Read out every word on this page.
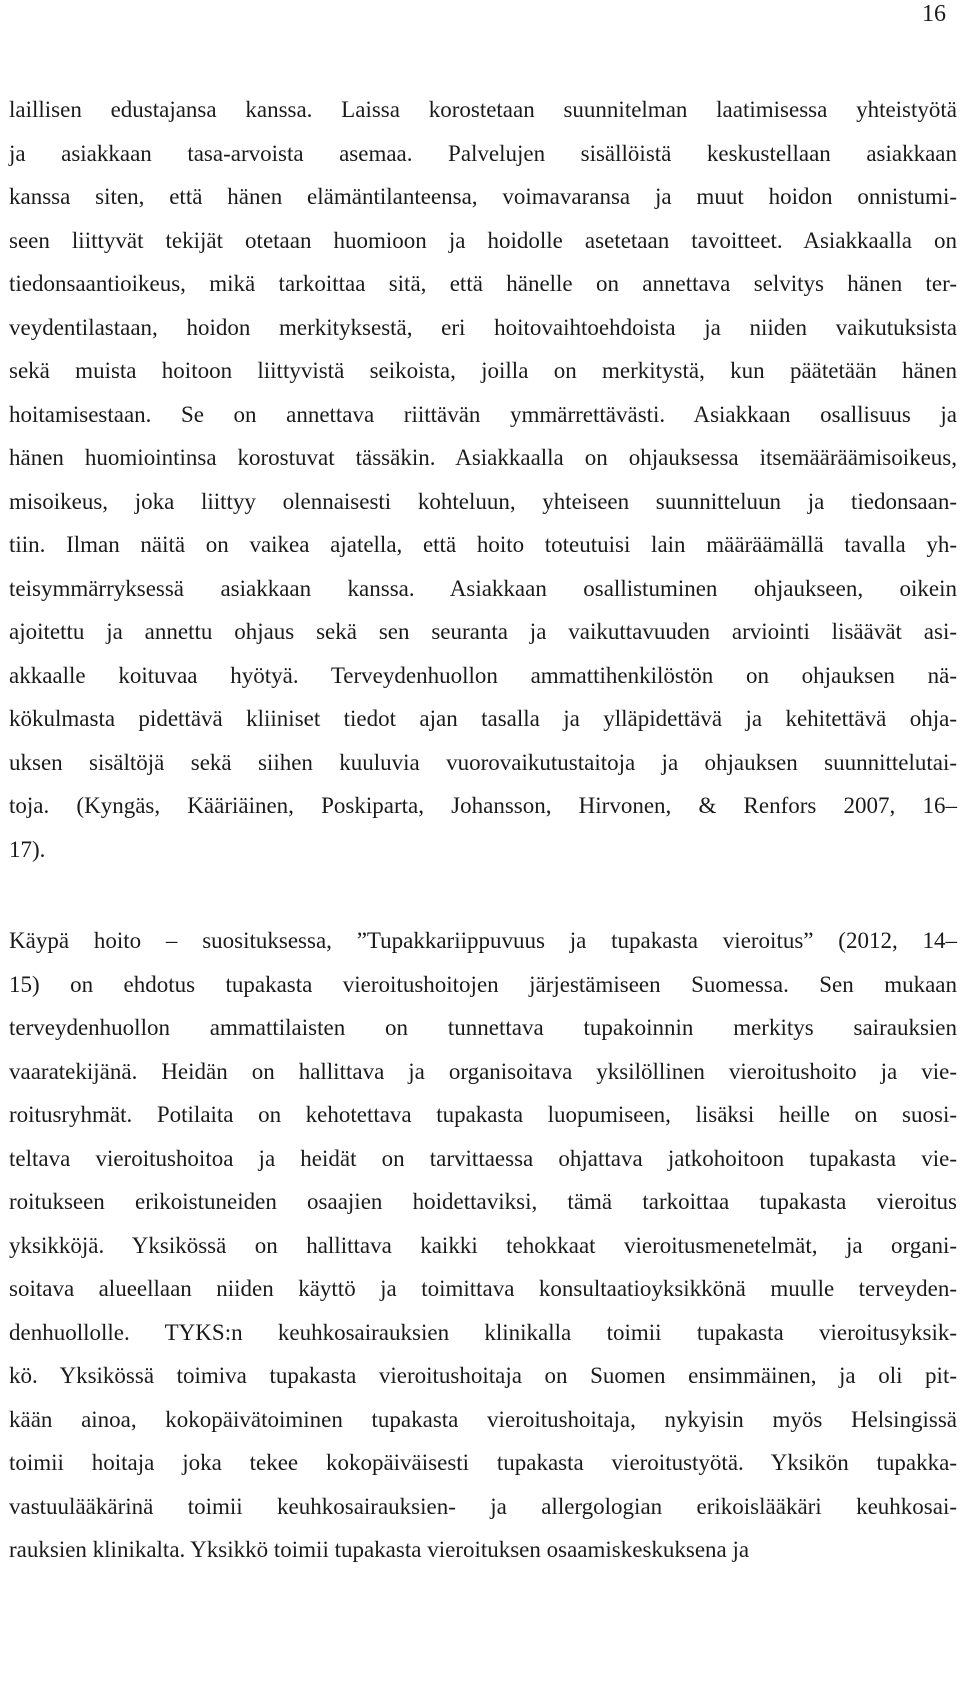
16
laillisen edustajansa kanssa. Laissa korostetaan suunnitelman laatimisessa yhteistyötä
ja asiakkaan tasa-arvoista asemaa. Palvelujen sisällöistä keskustellaan asiakkaan
kanssa siten, että hänen elämäntilanteensa, voimavaransa ja muut hoidon onnistumi-
seen liittyvät tekijät otetaan huomioon ja hoidolle asetetaan tavoitteet. Asiakkaalla on
tiedonsaantioikeus, mikä tarkoittaa sitä, että hänelle on annettava selvitys hänen ter-
veydentilastaan, hoidon merkityksestä, eri hoitovaihtoehdoista ja niiden vaikutuksista
sekä muista hoitoon liittyvistä seikoista, joilla on merkitystä, kun päätetään hänen
hoitamisestaan. Se on annettava riittävän ymmärrettävästi. Asiakkaan osallisuus ja
hänen huomiointinsa korostuvat tässäkin. Asiakkaalla on ohjauksessa itsemääräämisoikeus,
misoikeus, joka liittyy olennaisesti kohteluun, yhteiseen suunnitteluun ja tiedonsaan-
tiin. Ilman näitä on vaikea ajatella, että hoito toteutuisi lain määräämällä tavalla yh-
teisymmärryksessä asiakkaan kanssa. Asiakkaan osallistuminen ohjaukseen, oikein
ajoitettu ja annettu ohjaus sekä sen seuranta ja vaikuttavuuden arviointi lisäävät asi-
akkaalle koituvaa hyötyä. Terveydenhuollon ammattihenkilöstön on ohjauksen nä-
kökulmasta pidettävä kliiniset tiedot ajan tasalla ja ylläpidettävä ja kehitettävä ohja-
uksen sisältöjä sekä siihen kuuluvia vuorovaikutustaitoja ja ohjauksen suunnittelutai-
toja. (Kyngäs, Kääriäinen, Poskiparta, Johansson, Hirvonen, & Renfors 2007, 16–
17).
Käypä hoito – suosituksessa, ”Tupakkariippuvuus ja tupakasta vieroitus” (2012, 14–
15) on ehdotus tupakasta vieroitushoitojen järjestämiseen Suomessa. Sen mukaan
terveydenhuollon ammattilaisten on tunnettava tupakoinnin merkitys sairauksien
vaaratekijänä. Heidän on hallittava ja organisoitava yksilöllinen vieroitushoito ja vie-
roitusryhmät. Potilaita on kehotettava tupakasta luopumiseen, lisäksi heille on suosi-
teltava vieroitushoitoa ja heidät on tarvittaessa ohjattava jatkohoitoon tupakasta vie-
roitukseen erikoistuneiden osaajien hoidettaviksi, tämä tarkoittaa tupakasta vieroitus
yksikköjä. Yksikössä on hallittava kaikki tehokkaat vieroitusmenetelmät, ja organi-
soitava alueellaan niiden käyttö ja toimittava konsultaatioyksikkönä muulle terveyden-
denhuollolle. TYKS:n keuhkosairauksien klinikalla toimii tupakasta vieroitusyksik-
kö. Yksikössä toimiva tupakasta vieroitushoitaja on Suomen ensimmäinen, ja oli pit-
kään ainoa, kokopäivätoiminen tupakasta vieroitushoitaja, nykyisin myös Helsingissä
toimii hoitaja joka tekee kokopäiväisesti tupakasta vieroitustyötä. Yksikön tupakka-
vastuulääkärinä toimii keuhkosairauksien- ja allergologian erikoislääkäri keuhkosai-
rauksien klinikalta. Yksikkö toimii tupakasta vieroituksen osaamiskeskuksena ja
